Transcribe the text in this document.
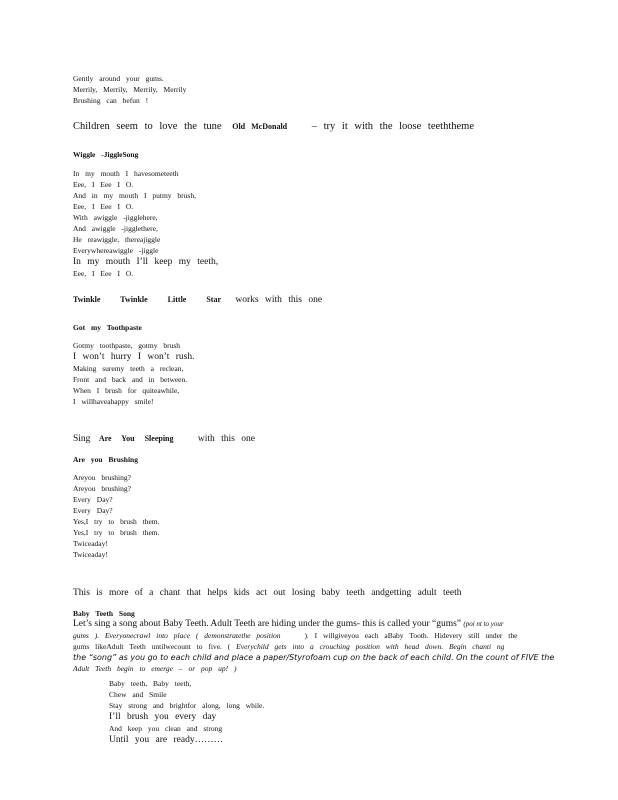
Gently around your gums.
Merrily, Merrily, Merrily, Merrily
Brushing can befun !
Children seem to love the tune Old McDonald – try it with the loose teeththeme
Wiggle -JiggleSong
In my mouth I havesometeeth
Eee, I Eee I O.
And in my mouth I putmy brush,
Eee, I Eee I O.
With awiggle -jigglehere,
And awiggle -jigglethere,
He reawiggle, thereajiggle
Everywhereawiggle -jiggle
In my mouth I’ll keep my teeth,
Eee, I Eee I O.
Twinkle Twinkle Little Star works with this one
Got my Toothpaste
Gotmy toothpaste, gotmy brush
I won’t hurry I won’t rush.
Making suremy teeth a reclean,
Front and back and in between.
When I brush for quiteawhile,
I willhaveahappy smile!
Sing Are You Sleeping	with this one
Are you Brushing
Areyou brushing?
Areyou brushing?
Every Day?
Every Day?
Yes,I try to brush them.
Yes,I try to brush them.
Twiceaday!
Twiceaday!
This is more of a chant that helps kids act out losing baby teeth andgetting adult teeth
Baby Teeth Song
Let’s sing a song about Baby Teeth. Adult Teeth are hiding under the gums- this is called your “gums” (poi nt to your
gums ). Everyonecrawl into place ( demonstratethe position	). I willgiveyou each aBaby Tooth. Hidevery still under the
gums likeAdult Teeth untilwecount to five. ( Everychild gets into a crouching position with head down. Begin chanti ng
the “song” as you go to each child and place a paper/Styrofoam cup on the back of each child. On the count of FIVE the
Adult Teeth begin to emerge – or pop up! )
Baby teeth, Baby teeth,
Chew and Smile
Stay strong and brightfor along, long while.
I’ll brush you every day
And keep you clean and strong
Until you are ready………
